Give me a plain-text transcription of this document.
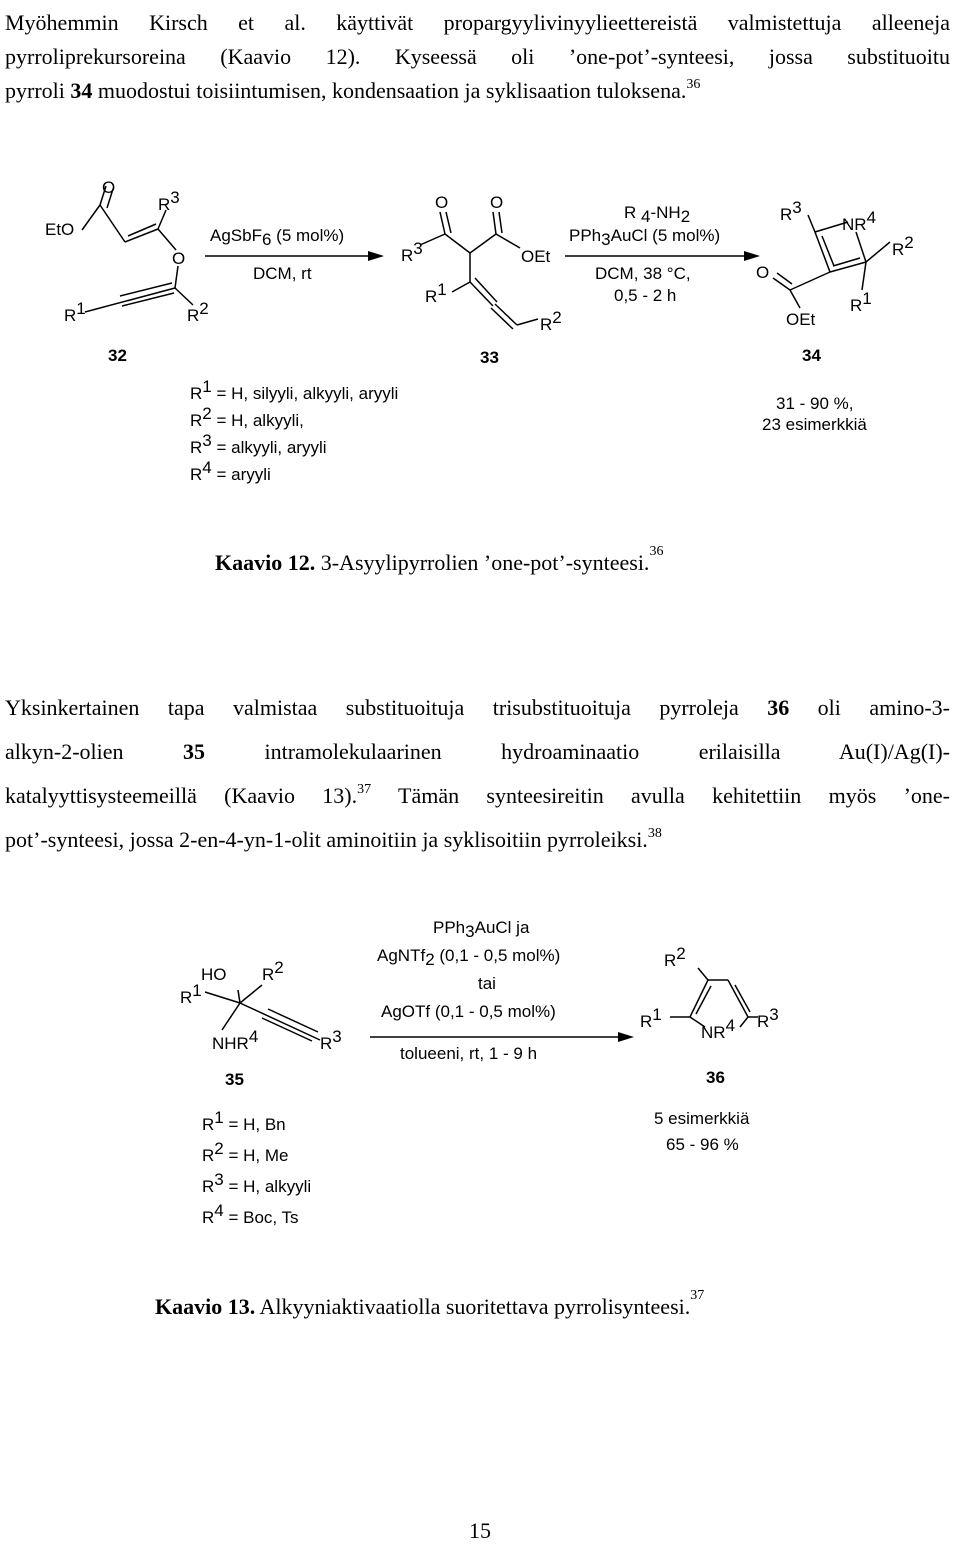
Myöhemmin Kirsch et al. käyttivät propargyylivinyylieettereistä valmistettuja alleeneja
pyrroliprekursoreina (Kaavio 12). Kyseessä oli ’one-pot’-synteesi, jossa substituoitu
pyrroli 34 muodostui toisiintumisen, kondensaation ja syklisaation tuloksena.$^{36}$
EtO
O
R3
O
R1	R2
32
AgSbF6 (5 mol%)
DCM, rt
O O
R3	OEt
R1
R2
33
R 4-NH2
PPh3AuCl (5 mol%)
DCM, 38 °C,
0,5 - 2 h
R3
NR4
R2
O
OEt
R1
34
R1 = H, silyyli, alkyyli, aryyli
R2 = H, alkyyli,
R3 = alkyyli, aryyli
R4 = aryyli
31 - 90 %,
23 esimerkkiä
Kaavio 12. 3-Asyylipyrrolien ’one-pot’-synteesi.$^{36}$
Yksinkertainen tapa valmistaa substituoituja trisubstituoituja pyrroleja 36 oli amino-3-
alkyn-2-olien 35 intramolekulaarinen hydroaminaatio erilaisilla Au(I)/Ag(I)-
katalyyttisysteemeillä (Kaavio 13).$^{37}$ Tämän synteesireitin avulla kehitettiin myös ’one-
pot’-synteesi, jossa 2-en-4-yn-1-olit aminoitiin ja syklisoitiin pyrroleiksi.$^{38}$
R1
HO R2
NHR4	R3
35
PPh3AuCl ja
AgNTf2 (0,1 - 0,5 mol%)
tai
AgOTf (0,1 - 0,5 mol%)
tolueeni, rt, 1 - 9 h
R2
R1
NR4 R3
36
R1 = H, Bn
R2 = H, Me
R3 = H, alkyyli
R4 = Boc, Ts
5 esimerkkiä
65 - 96 %
Kaavio 13. Alkyyniaktivaatiolla suoritettava pyrrolisynteesi.$^{37}$
15
